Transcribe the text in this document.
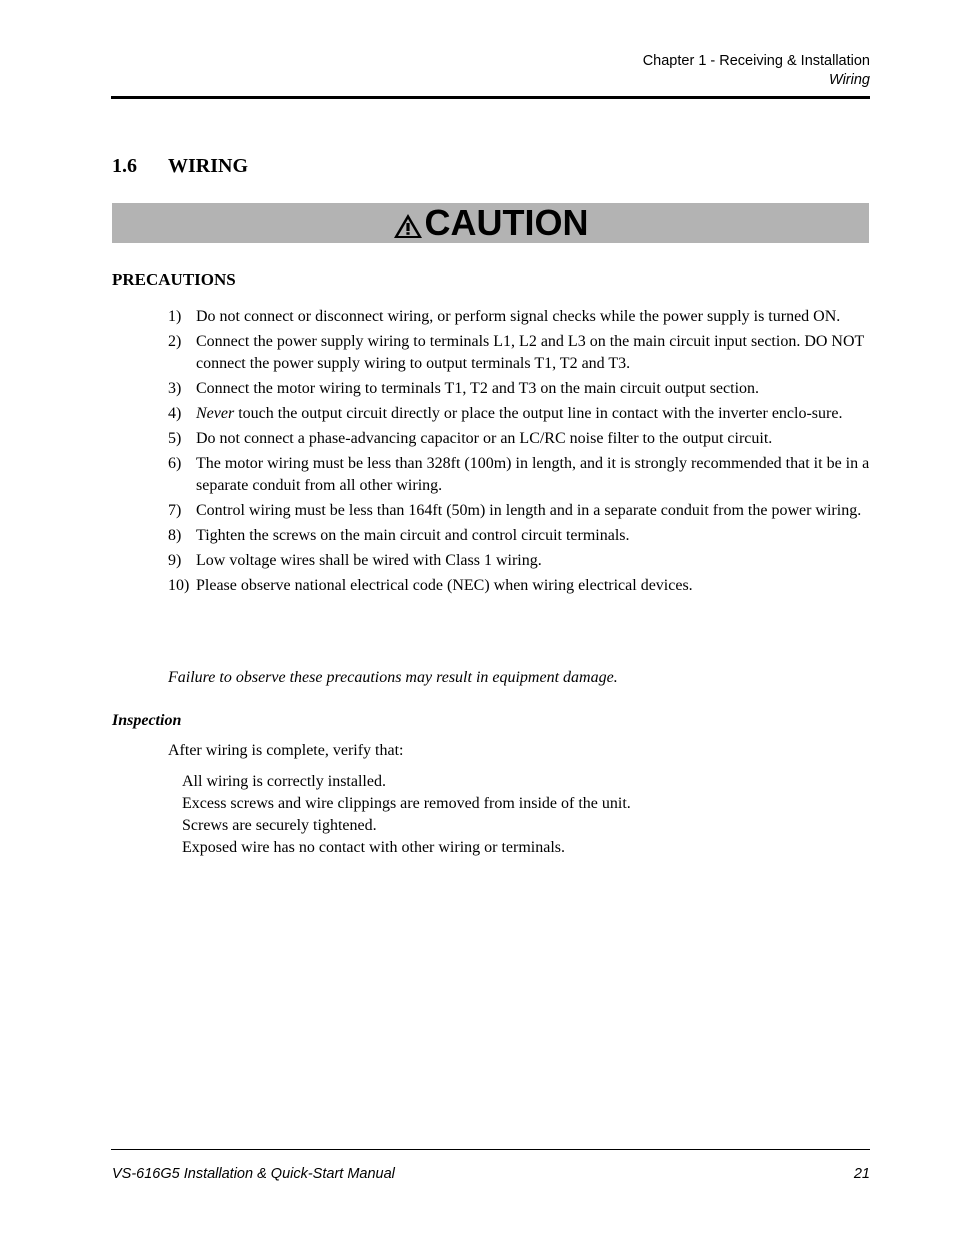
Chapter 1 - Receiving & Installation
Wiring
1.6 WIRING
CAUTION
PRECAUTIONS
1) Do not connect or disconnect wiring, or perform signal checks while the power supply is turned ON.
2) Connect the power supply wiring to terminals L1, L2 and L3 on the main circuit input section. DO NOT connect the power supply wiring to output terminals T1, T2 and T3.
3) Connect the motor wiring to terminals T1, T2 and T3 on the main circuit output section.
4) Never touch the output circuit directly or place the output line in contact with the inverter enclo-sure.
5) Do not connect a phase-advancing capacitor or an LC/RC noise filter to the output circuit.
6) The motor wiring must be less than 328ft (100m) in length, and it is strongly recommended that it be in a separate conduit from all other wiring.
7) Control wiring must be less than 164ft (50m) in length and in a separate conduit from the power wiring.
8) Tighten the screws on the main circuit and control circuit terminals.
9) Low voltage wires shall be wired with Class 1 wiring.
10) Please observe national electrical code (NEC) when wiring electrical devices.
Failure to observe these precautions may result in equipment damage.
Inspection
After wiring is complete, verify that:
All wiring is correctly installed.
Excess screws and wire clippings are removed from inside of the unit.
Screws are securely tightened.
Exposed wire has no contact with other wiring or terminals.
VS-616G5 Installation & Quick-Start Manual	21
